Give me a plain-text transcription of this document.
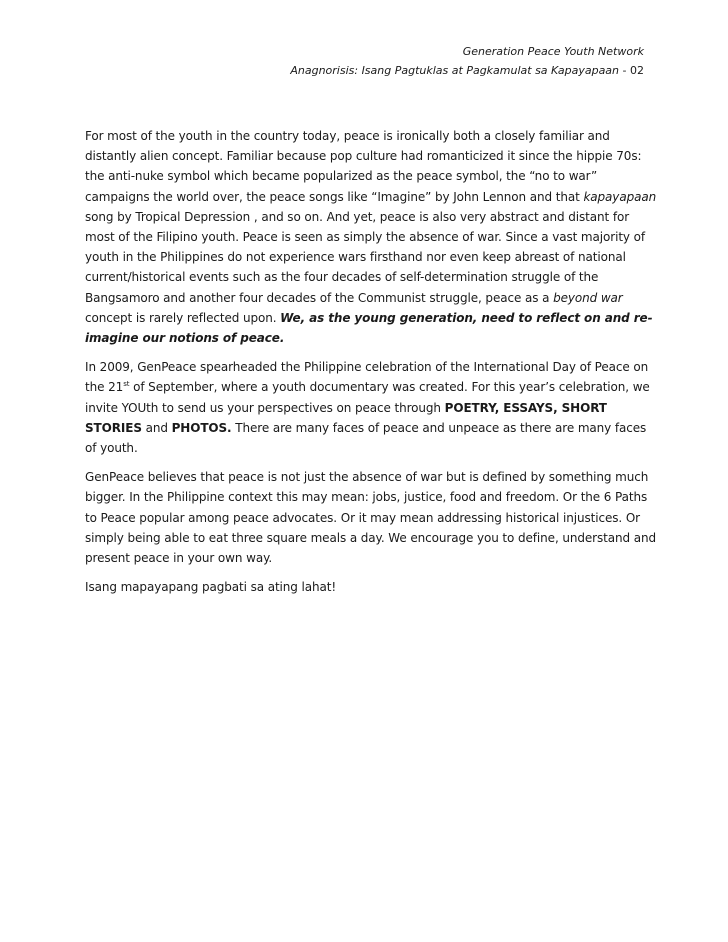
Generation Peace Youth Network
Anagnorisis: Isang Pagtuklas at Pagkamulat sa Kapayapaan - 02

For most of the youth in the country today, peace is ironically both a closely familiar and distantly alien concept. Familiar because pop culture had romanticized it since the hippie 70s: the anti-nuke symbol which became popularized as the peace symbol, the “no to war” campaigns the world over, the peace songs like “Imagine” by John Lennon and that kapayapaan song by Tropical Depression , and so on. And yet, peace is also very abstract and distant for most of the Filipino youth. Peace is seen as simply the absence of war. Since a vast majority of youth in the Philippines do not experience wars firsthand nor even keep abreast of national current/historical events such as the four decades of self-determination struggle of the Bangsamoro and another four decades of the Communist struggle, peace as a beyond war concept is rarely reflected upon. We, as the young generation, need to reflect on and re-imagine our notions of peace.

In 2009, GenPeace spearheaded the Philippine celebration of the International Day of Peace on the 21st of September, where a youth documentary was created. For this year’s celebration, we invite YOUth to send us your perspectives on peace through POETRY, ESSAYS, SHORT STORIES and PHOTOS. There are many faces of peace and unpeace as there are many faces of youth.

GenPeace believes that peace is not just the absence of war but is defined by something much bigger. In the Philippine context this may mean: jobs, justice, food and freedom. Or the 6 Paths to Peace popular among peace advocates. Or it may mean addressing historical injustices. Or simply being able to eat three square meals a day. We encourage you to define, understand and present peace in your own way.

Isang mapayapang pagbati sa ating lahat!
